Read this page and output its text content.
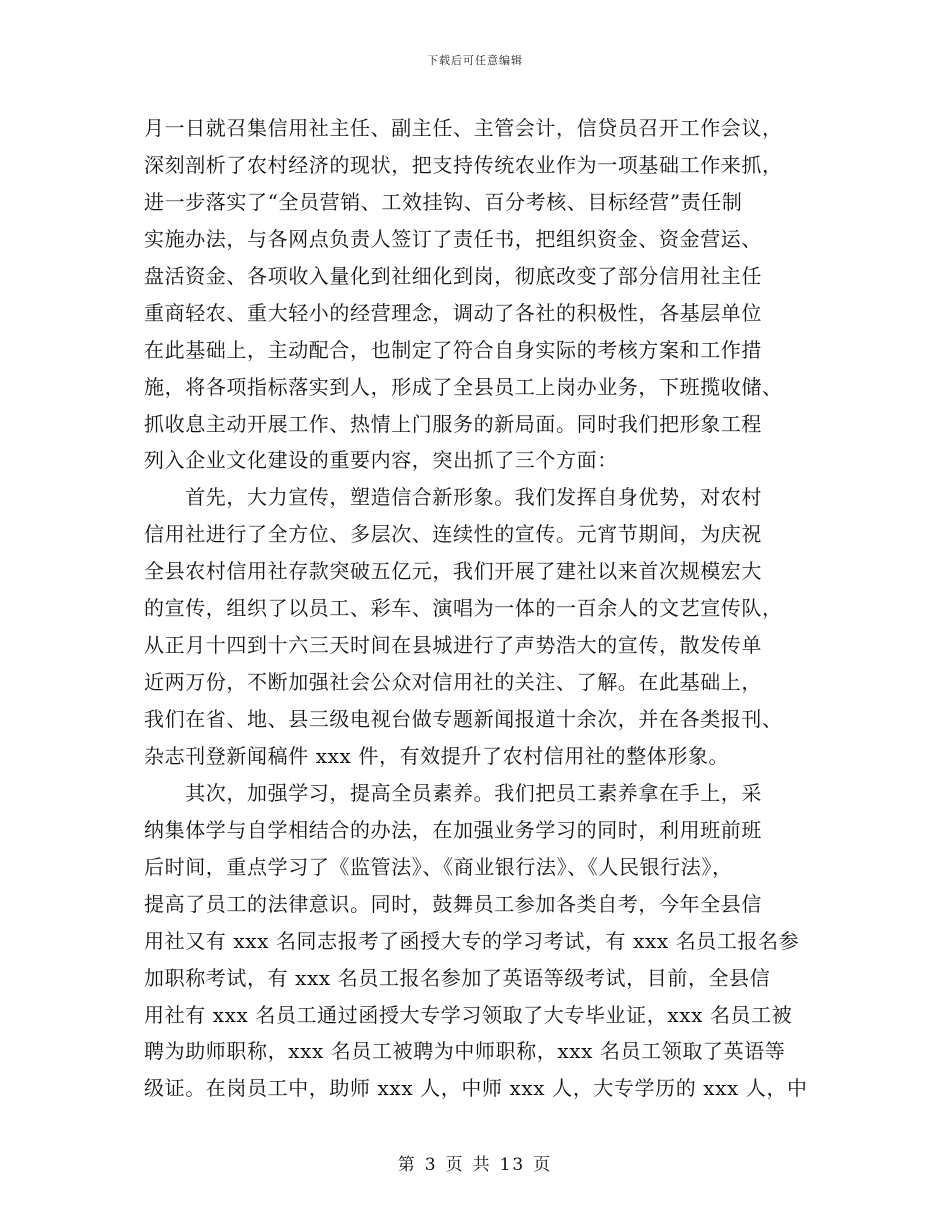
下载后可任意编辑
月一日就召集信用社主任、副主任、主管会计，信贷员召开工作会议，
深刻剖析了农村经济的现状，把支持传统农业作为一项基础工作来抓，
进一步落实了“全员营销、工效挂钩、百分考核、目标经营”责任制
实施办法，与各网点负责人签订了责任书，把组织资金、资金营运、
盘活资金、各项收入量化到社细化到岗，彻底改变了部分信用社主任
重商轻农、重大轻小的经营理念，调动了各社的积极性，各基层单位
在此基础上，主动配合，也制定了符合自身实际的考核方案和工作措
施，将各项指标落实到人，形成了全县员工上岗办业务，下班揽收储、
抓收息主动开展工作、热情上门服务的新局面。同时我们把形象工程
列入企业文化建设的重要内容，突出抓了三个方面：
　　首先，大力宣传，塑造信合新形象。我们发挥自身优势，对农村
信用社进行了全方位、多层次、连续性的宣传。元宵节期间，为庆祝
全县农村信用社存款突破五亿元，我们开展了建社以来首次规模宏大
的宣传，组织了以员工、彩车、演唱为一体的一百余人的文艺宣传队，
从正月十四到十六三天时间在县城进行了声势浩大的宣传，散发传单
近两万份，不断加强社会公众对信用社的关注、了解。在此基础上，
我们在省、地、县三级电视台做专题新闻报道十余次，并在各类报刊、
杂志刊登新闻稿件 xxx 件，有效提升了农村信用社的整体形象。
　　其次，加强学习，提高全员素养。我们把员工素养拿在手上，采
纳集体学与自学相结合的办法，在加强业务学习的同时，利用班前班
后时间，重点学习了《监管法》、《商业银行法》、《人民银行法》，
提高了员工的法律意识。同时，鼓舞员工参加各类自考，今年全县信
用社又有 xxx 名同志报考了函授大专的学习考试，有 xxx 名员工报名参
加职称考试，有 xxx 名员工报名参加了英语等级考试，目前，全县信
用社有 xxx 名员工通过函授大专学习领取了大专毕业证，xxx 名员工被
聘为助师职称，xxx 名员工被聘为中师职称，xxx 名员工领取了英语等
级证。在岗员工中，助师 xxx 人，中师 xxx 人，大专学历的 xxx 人，中
第 3 页 共 13 页
